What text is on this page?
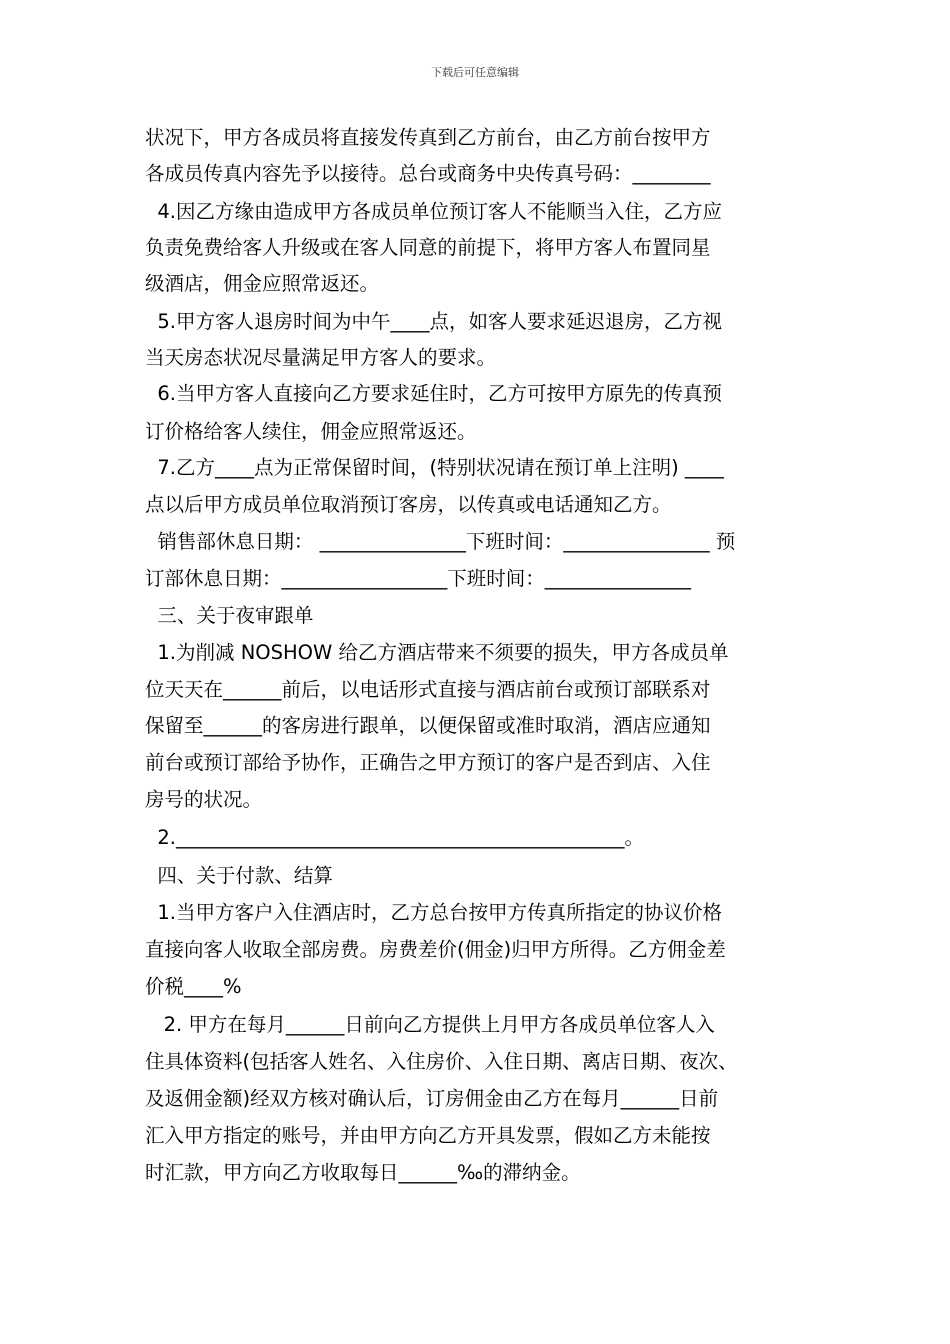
下载后可任意编辑
状况下，甲方各成员将直接发传真到乙方前台，由乙方前台按甲方
各成员传真内容先予以接待。总台或商务中央传真号码：________
4.因乙方缘由造成甲方各成员单位预订客人不能顺当入住，乙方应
负责免费给客人升级或在客人同意的前提下，将甲方客人布置同星
级酒店，佣金应照常返还。
5.甲方客人退房时间为中午____点，如客人要求延迟退房，乙方视
当天房态状况尽量满足甲方客人的要求。
6.当甲方客人直接向乙方要求延住时，乙方可按甲方原先的传真预
订价格给客人续住，佣金应照常返还。
7.乙方____点为正常保留时间，(特别状况请在预订单上注明) ____
点以后甲方成员单位取消预订客房，以传真或电话通知乙方。
销售部休息日期： _______________下班时间：_______________ 预
订部休息日期：_________________下班时间：_______________
三、关于夜审跟单
1.为削减 NOSHOW 给乙方酒店带来不须要的损失，甲方各成员单
位天天在______前后，以电话形式直接与酒店前台或预订部联系对
保留至______的客房进行跟单，以便保留或准时取消，酒店应通知
前台或预订部给予协作，正确告之甲方预订的客户是否到店、入住
房号的状况。
2.______________________________________________。
四、关于付款、结算
1.当甲方客户入住酒店时，乙方总台按甲方传真所指定的协议价格
直接向客人收取全部房费。房费差价(佣金)归甲方所得。乙方佣金差
价税____%
2. 甲方在每月______日前向乙方提供上月甲方各成员单位客人入
住具体资料(包括客人姓名、入住房价、入住日期、离店日期、夜次、
及返佣金额)经双方核对确认后，订房佣金由乙方在每月______日前
汇入甲方指定的账号，并由甲方向乙方开具发票，假如乙方未能按
时汇款，甲方向乙方收取每日______‰的滞纳金。
